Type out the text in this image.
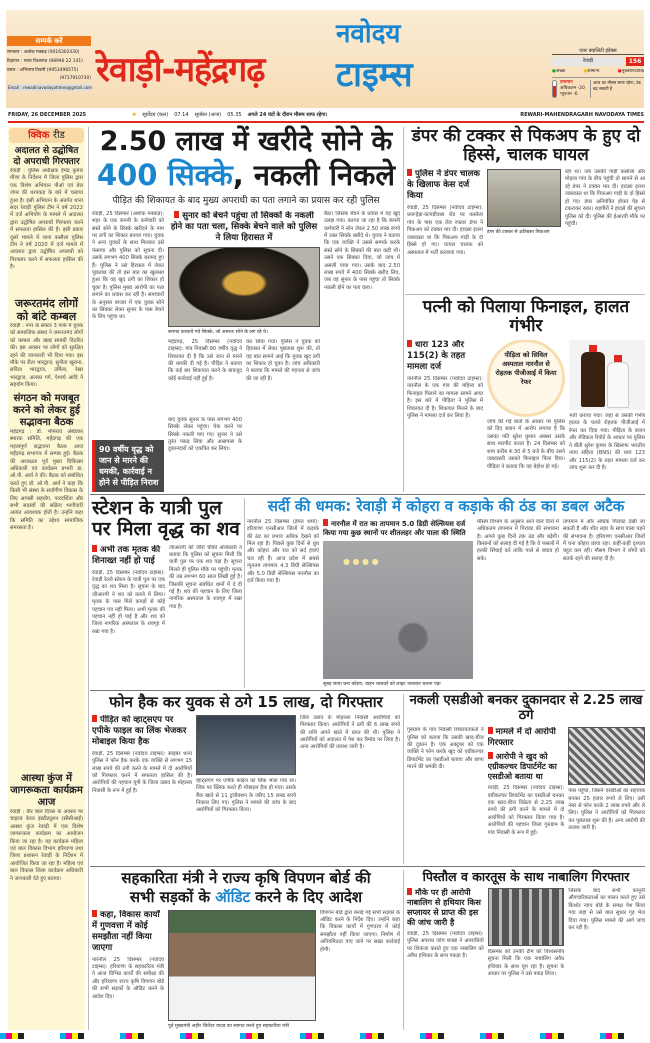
सम्पर्क करें
समाचार : अशोक मक्कड़ (9416302430)
विज्ञापन : सत्या विश्वनाथ (98996 22 141)
प्रसार : अभिलाष तिवारी (9953496575)
(9717910730)
Email : rewadinavodayatimes@gmail.com रेवाड़ी-महेंद्रगढ़
नवोदय
टाइम्स
एयर क्वालिटी इंडेक्स
रेवाड़ी	156
●अच्छा	●सामान्य	●नुकसानदायक
तापमान
अधिकतम -20
न्यूनतम -6
आज का मौसम साफ रहेगा, ठंड बढ़ सकती है
FRIDAY, 26 DECEMBER 2025	✹ सूर्योदय (कल) 07.14 सूर्यास्त (आज) 05.35 अगले 24 घंटों के दौरान मौसम साफ रहेगा।	REWARI-MAHENDRAGARH NAVODAYA TIMES
क्विक रीड
अदालत से उद्घोषित दो अपराधी गिरफ्तार
रेवाड़ी : पुलिस अधीक्षक हेमेंद्र कुमार मीणा के निर्देशन में जिला पुलिस द्वारा एक विशेष अभियान पीओ एवं बेल जंपर की धरपकड़ के बारे में चलाया हुआ है। इसी अभियान के अंतर्गत थाना सदर रेवाड़ी पुलिस टीम ने वर्ष 2022 में दर्ज अभियोग के मामले में अदालत द्वारा उद्घोषित अपराधी गिरफ्तार करने में सफलता हासिल की है। इसी प्रकार दूसरे मामले में थाना कसौला पुलिस टीम ने वर्ष 2020 में दर्ज मामले में अदालत द्वारा उद्घोषित अपराधी को गिरफ्तार करने में सफलता हासिल की है।
जरूरतमंद लोगों को बांटे कम्बल
रेवाड़ी : नगर के सेक्टर 3 पार्क में युवक को सामाजिक संस्था ने जरूरतमंद लोगों को कम्बल और खाद्य सामग्री वितरित की। इस अवसर पर लोगों को सुरक्षित रहने की जानकारी भी दिया गया। इस मौके पर रीता भारद्वाज, सुनीता खुराना, सविता भारद्वाज, उर्मिला, रेखा भारद्वाज, अलका गर्ग, ऐश्वर्य आदि ने सहयोग किया।
संगठन को मजबूत करने को लेकर हुई सद्भावना बैठक
महेंद्रगढ़ : डॉ. भीमराव अंबेडकर स्मारक समिति, महेंद्रगढ़ की एक महत्वपूर्ण सद्भावना बैठक आज महेंद्रगढ़ सभागार में सम्पन्न हुई। बैठक की अध्यक्षता पूर्व मुख्य चिकित्सा अधिकारी एवं कार्यक्रम प्रभारी डा. ओ.पी. आर्य ने की। बैठक को संबोधित करते हुए डॉ. ओ.पी. आर्य ने कहा कि किसी भी संस्था के सर्वांगीण विकास के लिए आपसी सहयोग, पारदर्शिता और सभी सदस्यों की सक्रिय भागीदारी अत्यंत आवश्यक होती है। उन्होंने कहा कि समिति का उद्देश्य सामाजिक समरसता है।
आस्था कुंज में जागरूकता कार्यक्रम आज
रेवाड़ी : वीर बाल दिवस के अवसर पर चाइल्ड केयर इंस्टीट्यूशन (सीसीआई) आस्था कुंज रेवाड़ी में एक विशेष जागरूकता कार्यक्रम का आयोजन किया जा रहा है। यह कार्यक्रम महिला एवं बाल विकास विभाग हरियाणा तथा जिला प्रशासन रेवाड़ी के निर्देशन में आयोजित किया जा रहा है। महिला एवं बाल विकास जिला कार्यक्रम अधिकारी ने जानकारी देते हुए बताया।
2.50 लाख में खरीदे सोने के
400 सिक्के, नकली निकले
पीड़ित की शिकायत के बाद मुख्य अपराधी का पता लगाने का प्रयास कर रही पुलिस
रेवाड़ी, 25 दिसम्बर (अशोक मक्कड़): शहर के एक कंपनी के कर्मचारी को सस्ते सोने के सिक्के खरीदने के नाम पर ठगी का शिकार बनाया गया। युवक ने अन्य युवकों के साथ मिलकर उसे फंसाया और पुलिस को सूचना दी। उसके लगभग 400 सिक्के बरामद हुए हैं। पुलिस ने उसे हिरासत में लेकर पूछताछ की तो इस बात का खुलासा हुआ कि वह खुद ठगी का शिकार हो चुका है। पुलिस मुख्य आरोपी का पता लगाने का प्रयास कर रही है। समाचारों के अनुसार बाजार में एक युवक सोने का सिक्का लेकर सुनार के पास बेचने के लिए पहुंचा था।
90 वर्षीय वृद्ध को जान से मारने की धमकी, कार्रवाई न होने से पीड़ित निराश
सुनार को बेचने पहुंचा तो सिक्कों के नकली होने का पता चला, सिक्के बेचने वाले को पुलिस ने लिया हिरासत में
बरामद करवाये गये सिक्के, जो अमरतः सोने के लग रहे थे।
महेंद्रगढ़, 25 दिसम्बर (नवोदय टाइम्स): गांव निवासी 90 वर्षीय वृद्ध ने शिकायत दी है कि उसे जान से मारने की धमकी दी गई है। पीड़ित ने बताया कि कई बार शिकायत करने के बावजूद कोई कार्रवाई नहीं हुई है।
बाद युवक सुनार के पास लगभग 400 सिक्के लेकर पहुंचा। चेक करने पर सिक्के नकली पाए गए। सुनार ने उसे तुरंत पकड़ लिया और आसपास के दुकानदारों को एकत्रित कर लिया।
कर लिया गया। पुलिस ने युवक को हिरासत में लेकर पूछताछ शुरू की, तो यह बात सामने आई कि युवक खुद ठगी का शिकार हो चुका है। जांच अधिकारी ने बताया कि मामले की गहनता से जांच की जा रही है।
बैठा। जिसके बेचने के प्रयास में वह खुद उलझ गया। बताया जा रहा है कि कंपनी कर्मचारी ने लोन लेकर 2.50 लाख रुपये में उक्त सिक्के खरीदे थे। युवक ने बताया कि एक व्यक्ति ने उससे सम्पर्क करके सस्ते सोने के सिक्कों की बात कही थी। उसने एक सिक्का दिया, जो जांच में असली पाया गया। उसके बाद 2.50 लाख रुपये में 400 सिक्के खरीद लिए, जब वह सुनार के पास पहुंचा तो सिक्के नकली होने का पता चला।
डंपर की टक्कर से पिकअप के हुए दो हिस्से, चालक घायल
पुलिस ने डंपर चालक के खिलाफ केस दर्ज किया
रेवाड़ी, 25 दिसम्बर (नवोदय टाइम्स): धारूहेड़ा-कापड़ीवास रोड पर कसोला गांव के पास एक तेज रफ्तार डंपर ने पिकअप को टक्कर मार दी। हादसा इतना जबरदस्त था कि पिकअप गाड़ी के दो हिस्से हो गए। घायल चालक को अस्पताल में भर्ती करवाया गया।
डंपर की टक्कर से क्षतिग्रस्त पिकअप
रहा था। जब उसकी गाड़ी कसोला और मोहला गांव के बीच पहुंची तो सामने से आ रहे डंपर ने टक्कर मार दी। हादसा इतना जबरदस्त था कि पिकअप गाड़ी के दो हिस्से हो गए। डंपर अनियंत्रित होकर पेड़ से टकराकर रुका। राहगीरों ने हादसे की सूचना पुलिस को दी। पुलिस की ईआरवी मौके पर पहुंची।
पत्नी को पिलाया फिनाइल, हालत गंभीर
धारा 123 और 115(2) के तहत मामला दर्ज
नारनौल 25 दिसम्बर (नवोदय टाइम्स): नारनौल के एक गांव की महिला को फिनाइल पिलाने का मामला सामने आया है। इस बारे में पीड़िता ने पुलिस में शिकायत दी है। शिकायत मिलने के बाद पुलिस ने मामला दर्ज कर लिया है।
पीड़िता को सिविल अस्पताल नारनौल से रोहतक पीजीआई में किया रेफर
जांच की गई बातों के आधार पर पुलिस को दिए बयान में आरोप लगाया है कि उसका पति सुरेश कुमार अक्सर उसके साथ मारपीट करता है। 24 दिसम्बर को शाम करीब 4:30 से 5 बजे के बीच उसने जबरदस्ती उसको फिनाइल पिला दिया। पीड़िता ने बताया कि वह बेहोश हो गई।
भर्ती कराया गया। जहां से उसकी गंभीर हालत के चलते रोहतक पीजीआई में रेफर कर दिया गया। पीड़िता के बयान और मेडिकल रिपोर्ट के आधार पर पुलिस ने बीती सुरेश कुमार के खिलाफ भारतीय न्याय संहिता (BNS) की धारा 123 और 115(2) के तहत मामला दर्ज कर जांच शुरू कर दी है।
स्टेशन के यात्री पुल पर मिला वृद्ध का शव
अभी तक मृतक की शिनाख्त नहीं हो पाई
रेवाड़ी, 25 दिसम्बर (नवोदय टाइम्स): रेवाड़ी रेलवे स्टेशन के यात्री पुल पर एक वृद्ध का शव मिला है। सूचना के बाद जीआरपी ने शव को कब्जे में लिया। मृतक के पास मिले कपड़ों से कोई पहचान पत्र नहीं मिला। अभी मृतक की पहचान नहीं हो पाई है और शव को जिला नागरिक अस्पताल के शवगृह में रखा गया है।
जीआरपी की जीरो चौकी अधिकारी ने बताया कि पुलिस को सूचना मिली कि यात्री पुल पर एक शव पड़ा है। सूचना मिलते ही पुलिस मौके पर पहुंची। मृतक की उम्र लगभग 60 साल लिखी हुई है। जिसकी सूचना संबंधित थानों में दे दी गई है। शव की पहचान के लिए जिला नागरिक अस्पताल के शवगृह में रखा गया है।
सर्दी की धमक: रेवाड़ी में कोहरा व कड़ाके की ठंड का डबल अटैक
नारनौल 25 दिसम्बर (हेमंत शर्मा): हरियाणा एनसीआर जिलों में कड़ाके की ठंड का प्रभाव अधिक देखने को मिल रहा है। पिछले कुछ दिनों से धुंध और कोहरा और रात को सर्द हवाएं चल रही हैं। आज प्रदेश में सबसे न्यूनतम तापमान 4.3 डिग्री सेल्सियस और 5.0 डिग्री सेल्सियस नारनौल का दर्ज किया गया है।
नारनौल में रात का तापमान 5.0 डिग्री सेल्सियस दर्ज किया गया कुछ स्थानों पर शीतलहर और पाला की स्थिति
● ● ● ●
सुबह छाया घना कोहरा, वाहन चालकों को लाइट जलाकर चलना पड़ा
मौसम विभाग के अनुसार आने वाले दिनों में अधिकतम तापमान में गिरावट की संभावना है। अगले कुछ दिनों तक ठंड और बढ़ेगी। किसानों को सलाह दी गई है कि वे फसलों में हल्की सिंचाई करें ताकि पाले से बचाव हो सके।
तापमान में और अधिक गिरावट देखी जा सकती है और शीत लहर के साथ पाला पड़ने की संभावना है। हरियाणा एनसीआर जिलों में घना कोहरा छाया रहा। कहीं-कहीं दृश्यता बहुत कम रही। मौसम विभाग ने लोगों को सतर्क रहने की सलाह दी है।
फोन हैक कर युवक से ठगे 15 लाख, दो गिरफ्तार
पीड़ित को व्हाट्सएप पर एपीके फाइल का लिंक भेजकर मोबाइल किया हैक
रेवाड़ी, 25 दिसम्बर (नवोदय टाइम्स): साइबर थाना पुलिस ने फोन हैक करके एक व्यक्ति से लगभग 15 लाख रुपये की ठगी करने के मामले में दो आरोपियों को गिरफ्तार करने में सफलता हासिल की है। आरोपियों की पहचान यूपी के जिला उन्नाव के मोहल्ला निवासी के रूप में हुई है।
व्हाट्सएप पर एपीके फाइल का लिंक भेजा गया था। लिंक पर क्लिक करते ही मोबाइल हैक हो गया। उसके बैंक खाते से 11 ट्रांजैक्शन के जरिए 15 लाख रुपये निकाल लिए गए। पुलिस ने मामले की जांच के बाद आरोपियों को गिरफ्तार किया।
जिले उन्नाव के मोहल्ला निवासी आरोपियों को गिरफ्तार किया। आरोपियों ने ठगी की 6 लाख रुपये की राशि अपने खाते में प्राप्त की थी। पुलिस ने आरोपियों को अदालत में पेश कर रिमांड पर लिया है। अन्य आरोपियों की तलाश जारी है।
नकली एसडीओ बनकर दुकानदार से 2.25 लाख ठगे
गुरुग्राम के गांव निवासी शिकायतकर्ता ने पुलिस को बताया कि उसकी खाद-बीज की दुकान है। एक अक्टूबर को एक व्यक्ति ने फोन करके खुद को एग्रीकल्चर डिपार्टमेंट का एसडीओ बताया और छापा मारने की धमकी दी।
मामले में दो आरोपी गिरफ्तार
आरोपी ने खुद को एग्रीकल्चर डिपार्टमेंट का एसडीओ बताया था
रेवाड़ी, 25 दिसम्बर (नवोदय टाइम्स): एग्रीकल्चर डिपार्टमेंट का एसडीओ बनकर एक खाद-बीज विक्रेता से 2.25 लाख रुपये की ठगी करने के मामले में दो आरोपियों को गिरफ्तार किया गया है। आरोपियों की पहचान जिला गुरुग्राम के गांव निवासी के रूप में हुई।
पास पहुंचा, जिसने एसडीओ का सहायक बनकर 25 हजार रुपये ले लिए। उसी नंबर से फोन करके 2 लाख रुपये और ले लिए। पुलिस ने आरोपियों को गिरफ्तार कर पूछताछ शुरू की है। अन्य आरोपी की तलाश जारी है।
सहकारिता मंत्री ने राज्य कृषि विपणन बोर्ड की
सभी सड़कों के ऑडिट करने के दिए आदेश
कहा, विकास कार्यों में गुणवत्ता में कोई समझौता नहीं किया जाएगा
नारनौल 25 दिसम्बर (नवोदय टाइम्स): हरियाणा के सहकारिता मंत्री ने आज विभिन्न कार्यों की समीक्षा की और हरियाणा राज्य कृषि विपणन बोर्ड की सभी सड़कों के ऑडिट करने के आदेश दिए।
पूर्व मुख्यमंत्री अहीर जितेंदर यादव का स्वागत करते हुए सहकारिता मंत्री
विपणन बोर्ड द्वारा बनाई गई सभी सड़कों के ऑडिट करने के निर्देश दिए। उन्होंने कहा कि विकास कार्यों में गुणवत्ता में कोई समझौता नहीं किया जाएगा। निर्माण में अनियमितता पाए जाने पर सख्त कार्रवाई होगी।
पिस्तौल व कारतूस के साथ नाबालिग गिरफ्तार
मौके पर ही आरोपी नाबालिग से हथियार किस सप्लायर से प्राप्त की इस की जांच जारी है
रेवाड़ी, 25 दिसम्बर (नवोदय टाइम्स): पुलिस अपराध जांच शाखा ने अपराधियों पर शिकंजा कसते हुए एक नाबालिग को अवैध हथियार के साथ पकड़ा है।
दिसम्बर को उनकी टीम को विश्वसनीय सूचना मिली कि एक नाबालिग अवैध हथियार के साथ घूम रहा है। सूचना के आधार पर पुलिस ने उसे पकड़ लिया।
जिसके बाद सभी कानूनी औपचारिकताओं का पालन करते हुए उसे किशोर न्याय बोर्ड के समक्ष पेश किया गया जहां से उसे बाल सुधार गृह भेज दिया गया। पुलिस मामले की आगे जांच कर रही है।
